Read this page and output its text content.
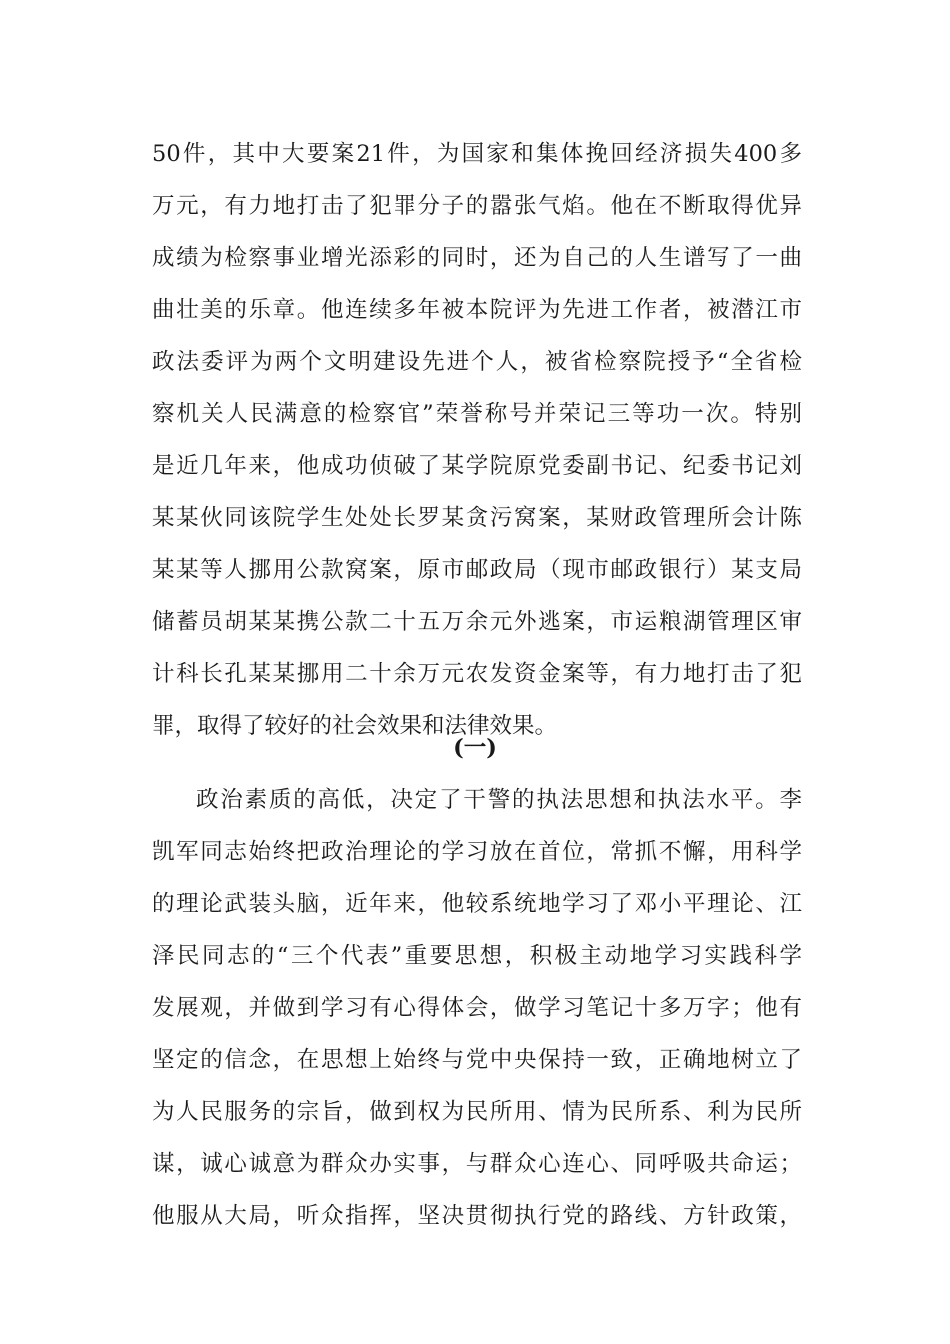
50件，其中大要案21件，为国家和集体挽回经济损失400多
万元，有力地打击了犯罪分子的嚣张气焰。他在不断取得优异
成绩为检察事业增光添彩的同时，还为自己的人生谱写了一曲
曲壮美的乐章。他连续多年被本院评为先进工作者，被潜江市
政法委评为两个文明建设先进个人，被省检察院授予“全省检
察机关人民满意的检察官”荣誉称号并荣记三等功一次。特别
是近几年来，他成功侦破了某学院原党委副书记、纪委书记刘
某某伙同该院学生处处长罗某贪污窝案，某财政管理所会计陈
某某等人挪用公款窝案，原市邮政局（现市邮政银行）某支局
储蓄员胡某某携公款二十五万余元外逃案，市运粮湖管理区审
计科长孔某某挪用二十余万元农发资金案等，有力地打击了犯
罪，取得了较好的社会效果和法律效果。
(一)
政治素质的高低，决定了干警的执法思想和执法水平。李
凯军同志始终把政治理论的学习放在首位，常抓不懈，用科学
的理论武装头脑，近年来，他较系统地学习了邓小平理论、江
泽民同志的“三个代表”重要思想，积极主动地学习实践科学
发展观，并做到学习有心得体会，做学习笔记十多万字；他有
坚定的信念，在思想上始终与党中央保持一致，正确地树立了
为人民服务的宗旨，做到权为民所用、情为民所系、利为民所
谋，诚心诚意为群众办实事，与群众心连心、同呼吸共命运；
他服从大局，听众指挥，坚决贯彻执行党的路线、方针政策，
